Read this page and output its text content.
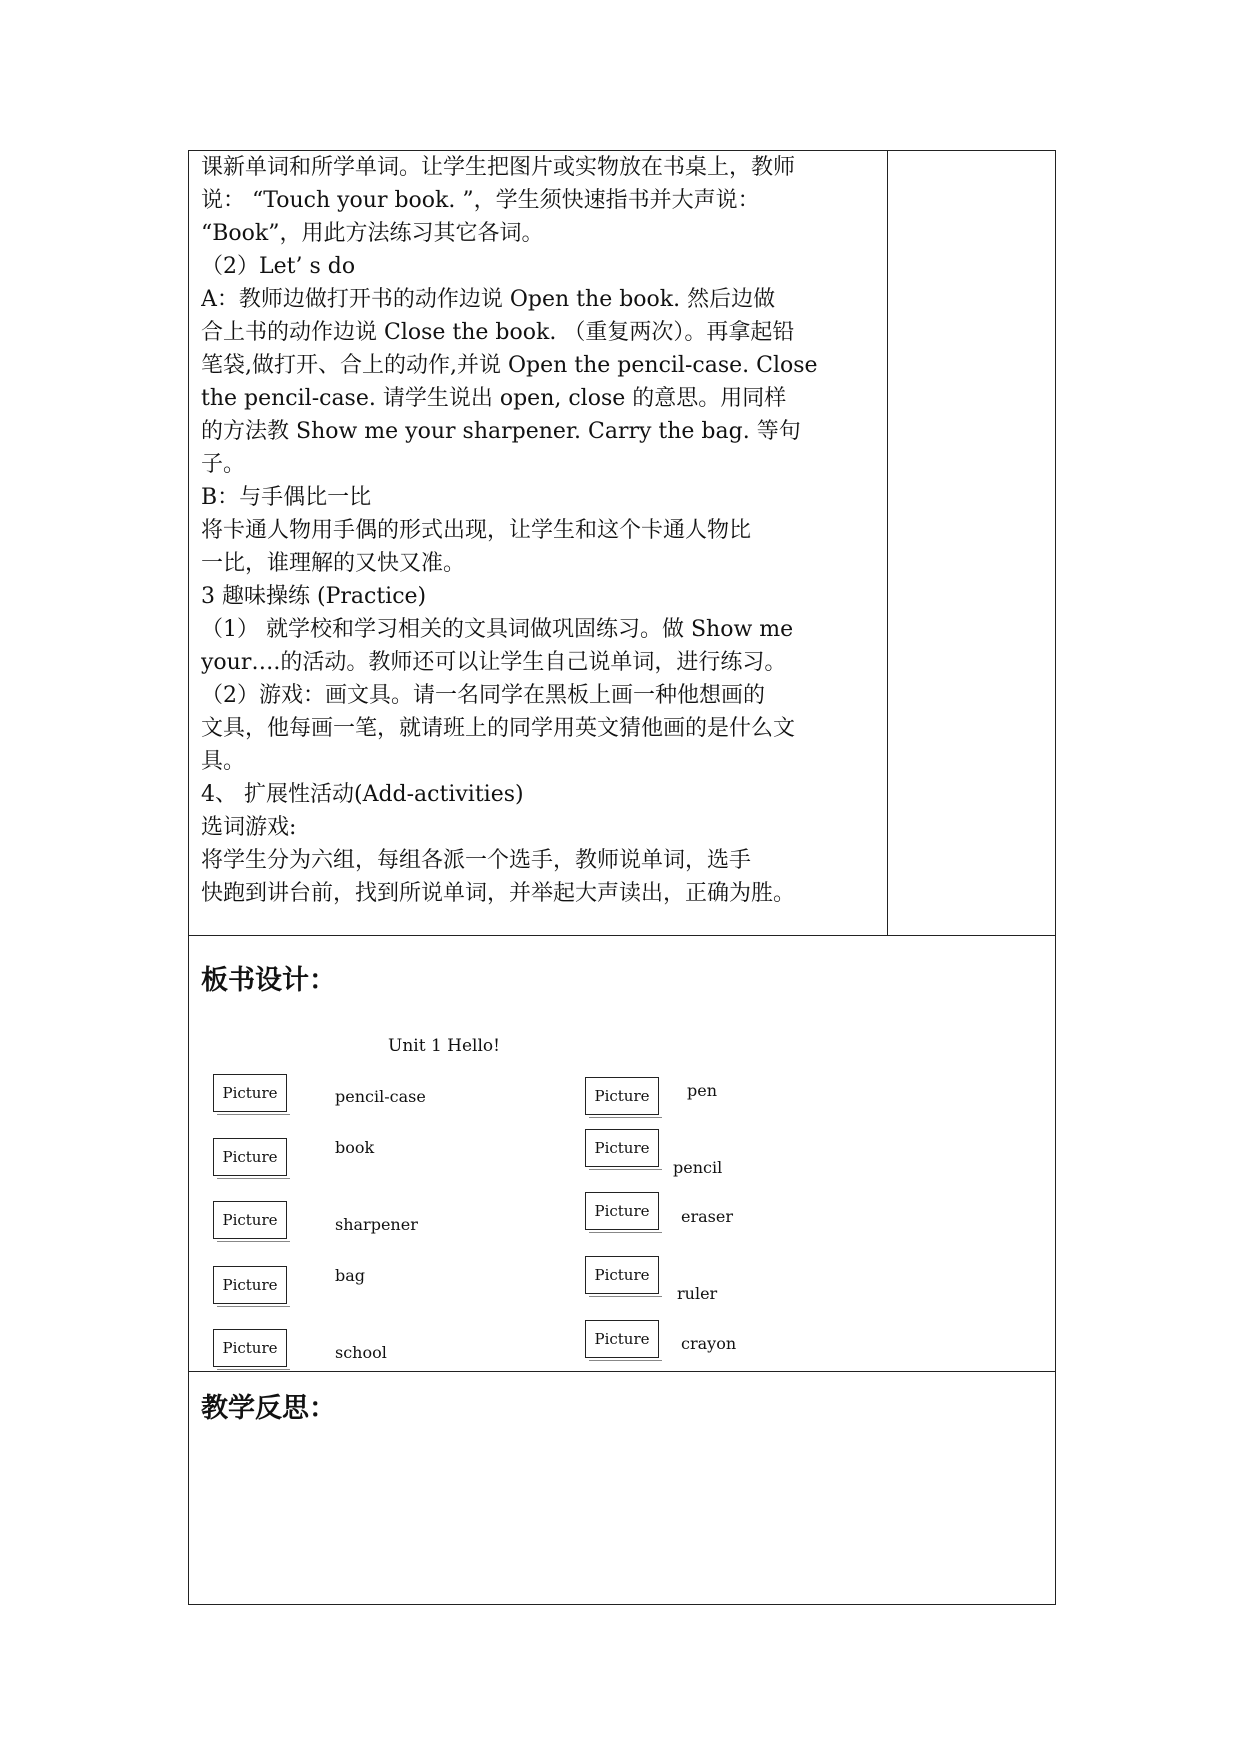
课新单词和所学单词。让学生把图片或实物放在书桌上，教师
说： “Touch your book. ”，学生须快速指书并大声说：
“Book”，用此方法练习其它各词。
（2）Let’ s do
A：教师边做打开书的动作边说 Open the book. 然后边做
合上书的动作边说 Close the book. （重复两次）。再拿起铅
笔袋,做打开、合上的动作,并说 Open the pencil-case. Close
the pencil-case. 请学生说出 open, close 的意思。用同样
的方法教 Show me your sharpener. Carry the bag. 等句
子。
B：与手偶比一比
将卡通人物用手偶的形式出现，让学生和这个卡通人物比
一比，谁理解的又快又准。
3 趣味操练 (Practice)
（1） 就学校和学习相关的文具词做巩固练习。做 Show me
your….的活动。教师还可以让学生自己说单词，进行练习。
（2）游戏：画文具。请一名同学在黑板上画一种他想画的
文具，他每画一笔，就请班上的同学用英文猜他画的是什么文
具。
4、 扩展性活动(Add-activities)
选词游戏:
将学生分为六组，每组各派一个选手，教师说单词，选手
快跑到讲台前，找到所说单词，并举起大声读出，正确为胜。
板书设计：
Unit 1 Hello!
Picture
Picture
Picture
Picture
Picture
pencil-case
book
sharpener
bag
school
Picture
Picture
Picture
Picture
Picture
pen
pencil
eraser
ruler
crayon
教学反思：
